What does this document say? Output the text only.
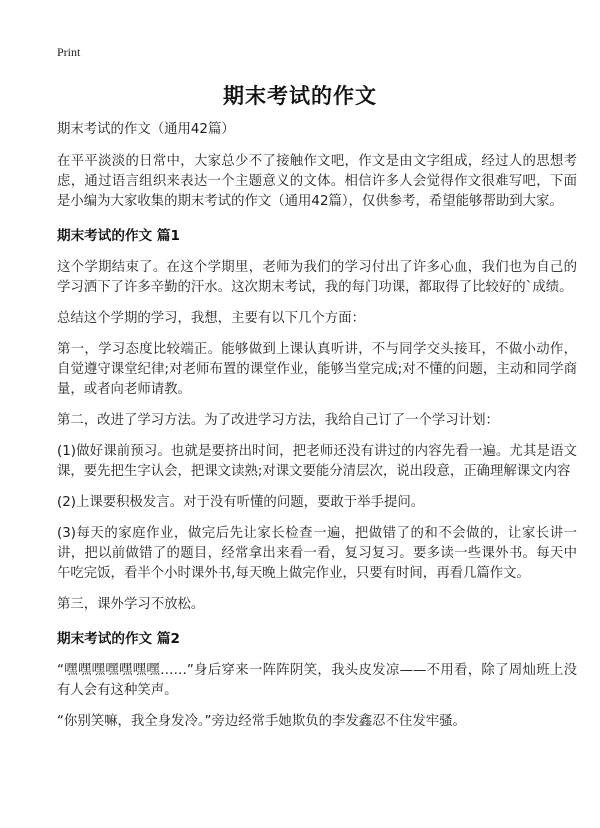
Print
期末考试的作文

期末考试的作文（通用42篇）

在平平淡淡的日常中，大家总少不了接触作文吧，作文是由文字组成，经过人的思想考虑，通过语言组织来表达一个主题意义的文体。相信许多人会觉得作文很难写吧，下面是小编为大家收集的期末考试的作文（通用42篇），仅供参考，希望能够帮助到大家。

期末考试的作文 篇1

这个学期结束了。在这个学期里，老师为我们的学习付出了许多心血，我们也为自己的学习洒下了许多辛勤的汗水。这次期末考试，我的每门功课，都取得了比较好的`成绩。

总结这个学期的学习，我想，主要有以下几个方面：

第一，学习态度比较端正。能够做到上课认真听讲，不与同学交头接耳，不做小动作，自觉遵守课堂纪律;对老师布置的课堂作业，能够当堂完成;对不懂的问题，主动和同学商量，或者向老师请教。

第二，改进了学习方法。为了改进学习方法，我给自己订了一个学习计划：

(1)做好课前预习。也就是要挤出时间，把老师还没有讲过的内容先看一遍。尤其是语文课，要先把生字认会，把课文读熟;对课文要能分清层次，说出段意，正确理解课文内容

(2)上课要积极发言。对于没有听懂的问题，要敢于举手提问。

(3)每天的家庭作业，做完后先让家长检查一遍，把做错了的和不会做的，让家长讲一讲，把以前做错了的题目，经常拿出来看一看，复习复习。要多读一些课外书。每天中午吃完饭，看半个小时课外书,每天晚上做完作业，只要有时间，再看几篇作文。

第三，课外学习不放松。

期末考试的作文 篇2

“嘿嘿嘿嘿嘿嘿嘿……”身后穿来一阵阵阴笑，我头皮发凉——不用看，除了周灿班上没有人会有这种笑声。

“你别笑嘛，我全身发冷。”旁边经常手她欺负的李发鑫忍不住发牢骚。
